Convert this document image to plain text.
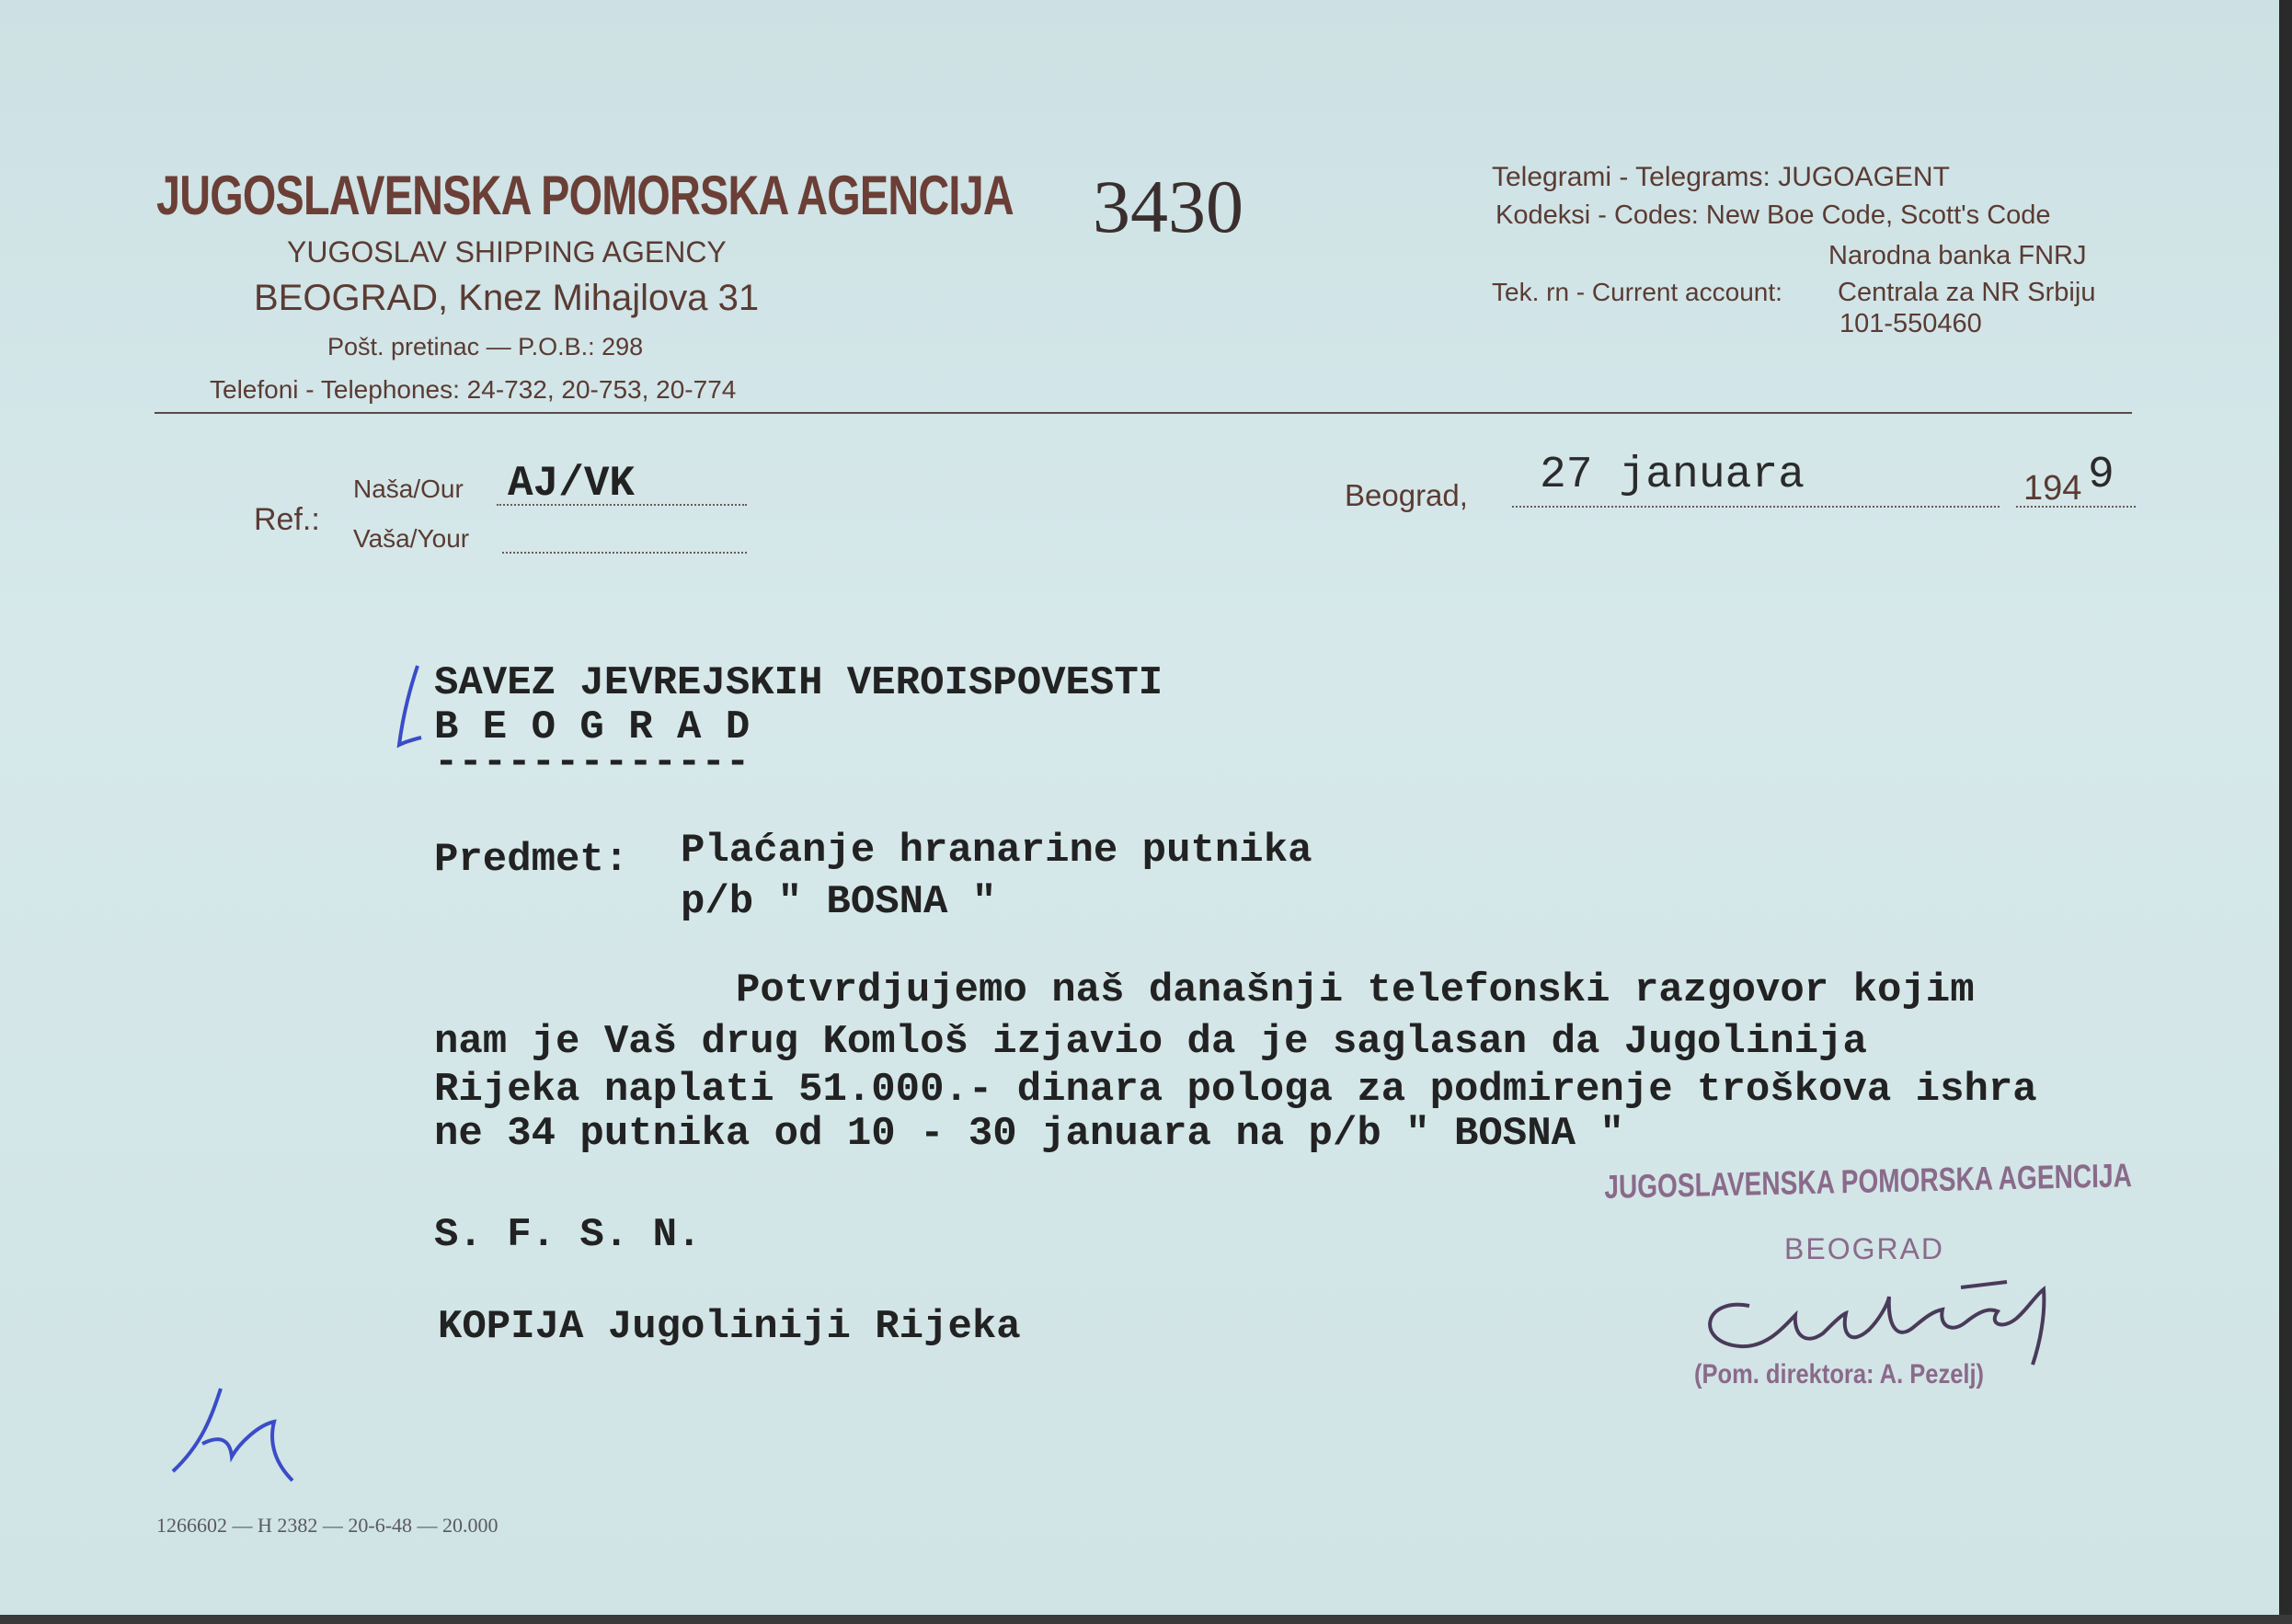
JUGOSLAVENSKA POMORSKA AGENCIJA
YUGOSLAV SHIPPING AGENCY
BEOGRAD, Knez Mihajlova 31
Pošt. pretinac — P.O.B.: 298
Telefoni - Telephones: 24-732, 20-753, 20-774
3430	Telegrami - Telegrams: JUGOAGENT
Kodeksi - Codes: New Boe Code, Scott's Code
Narodna banka FNRJ
Tek. rn - Current account: Centrala za NR Srbiju
101-550460
Ref.:
Naša/Our AJ/VK
Vaša/Your
Beograd, 27 januara	194 9
SAVEZ JEVREJSKIH VEROISPOVESTI
B E O G R A D
-------------
Predmet: Plaćanje hranarine putnika
p/b " BOSNA "
Potvrdjujemo naš današnji telefonski razgovor kojim
nam je Vaš drug Komloš izjavio da je saglasan da Jugolinija
Rijeka naplati 51.000.- dinara pologa za podmirenje troškova ishra
ne 34 putnika od 10 - 30 januara na p/b " BOSNA "
S. F. S. N.
KOPIJA Jugoliniji Rijeka
JUGOSLAVENSKA POMORSKA AGENCIJA
BEOGRAD
(Pom. direktora: A. Pezelj)
1266602 — H 2382 — 20-6-48 — 20.000
